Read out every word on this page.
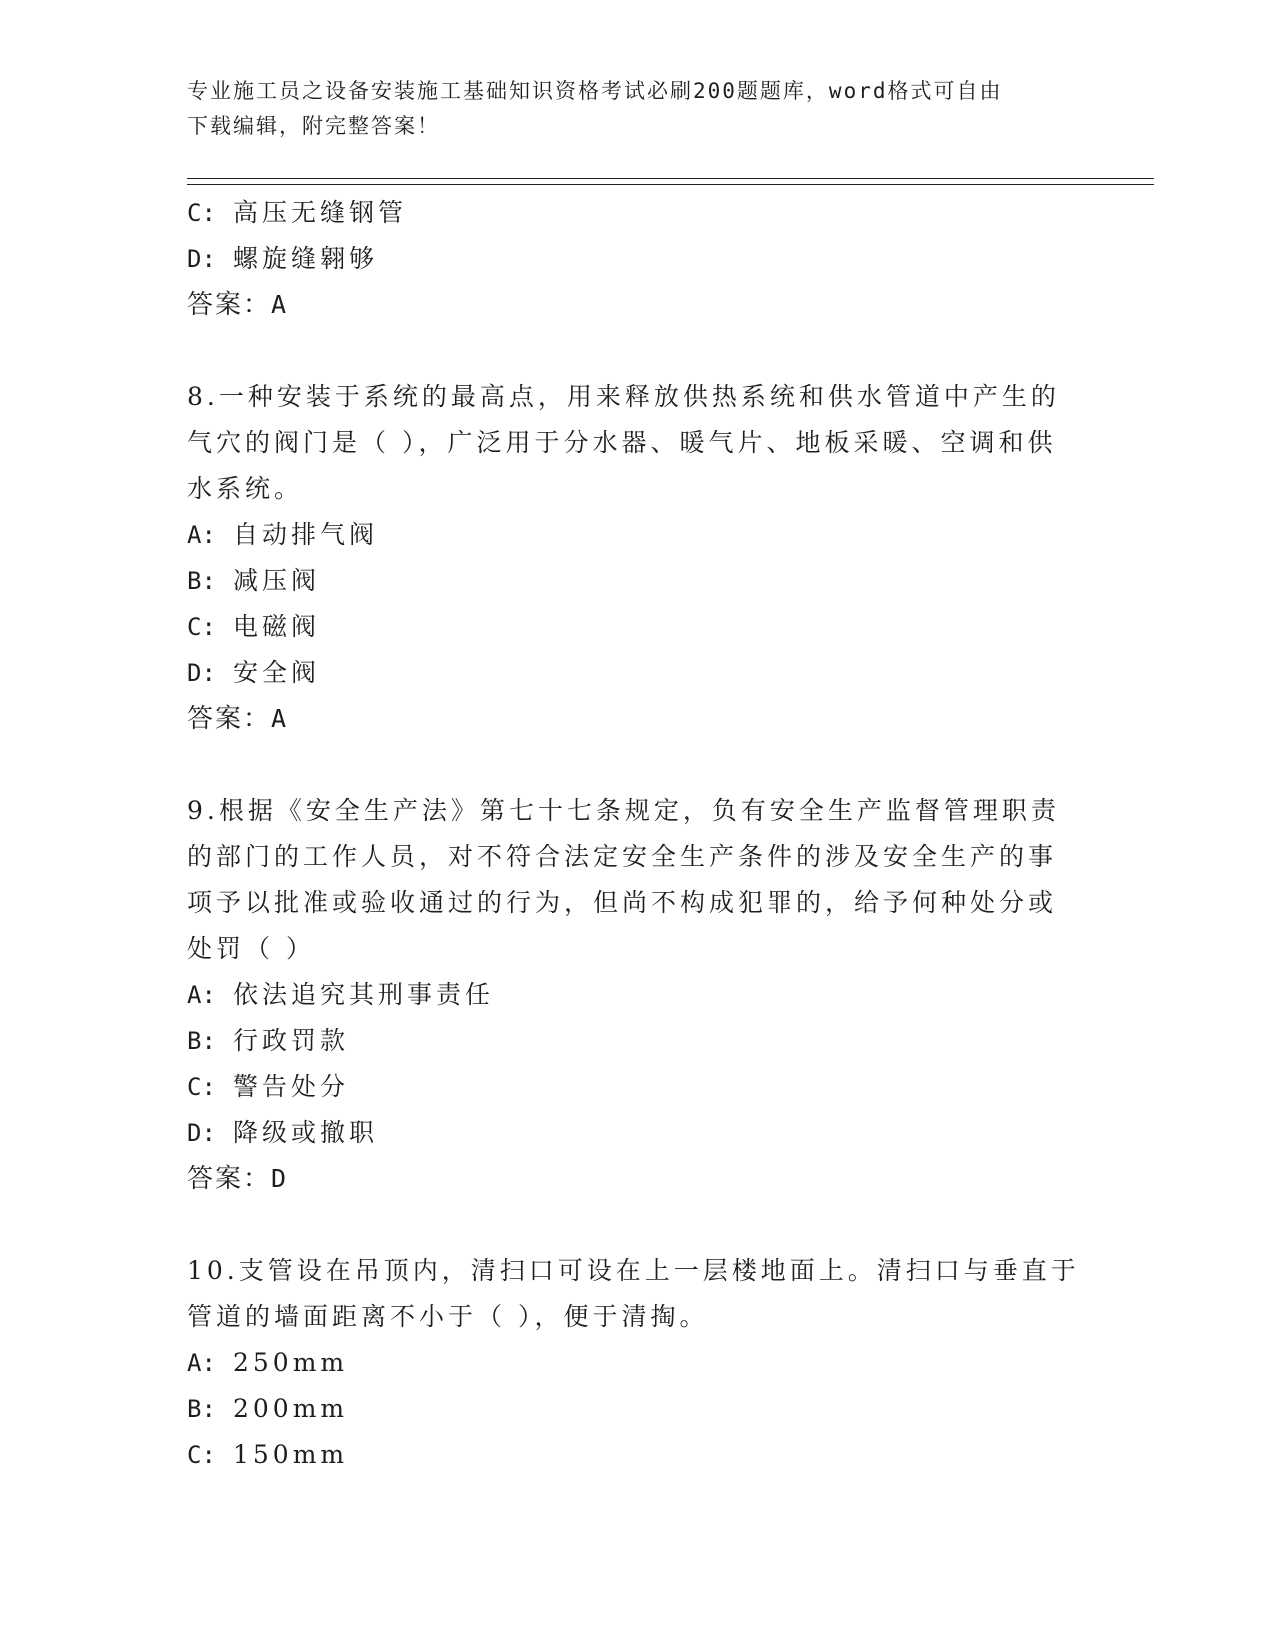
专业施工员之设备安装施工基础知识资格考试必刷200题题库，word格式可自由
下载编辑，附完整答案！
C: 高压无缝钢管
D: 螺旋缝翱够
答案：A
8.一种安装于系统的最高点，用来释放供热系统和供水管道中产生的
气穴的阀门是（ ），广泛用于分水器、暖气片、地板采暖、空调和供
水系统。
A: 自动排气阀
B: 减压阀
C: 电磁阀
D: 安全阀
答案：A
9.根据《安全生产法》第七十七条规定，负有安全生产监督管理职责
的部门的工作人员，对不符合法定安全生产条件的涉及安全生产的事
项予以批准或验收通过的行为，但尚不构成犯罪的，给予何种处分或
处罚（ ）
A: 依法追究其刑事责任
B: 行政罚款
C: 警告处分
D: 降级或撤职
答案：D
10.支管设在吊顶内，清扫口可设在上一层楼地面上。清扫口与垂直于
管道的墙面距离不小于（ ），便于清掏。
A: 250mm
B: 200mm
C: 150mm
